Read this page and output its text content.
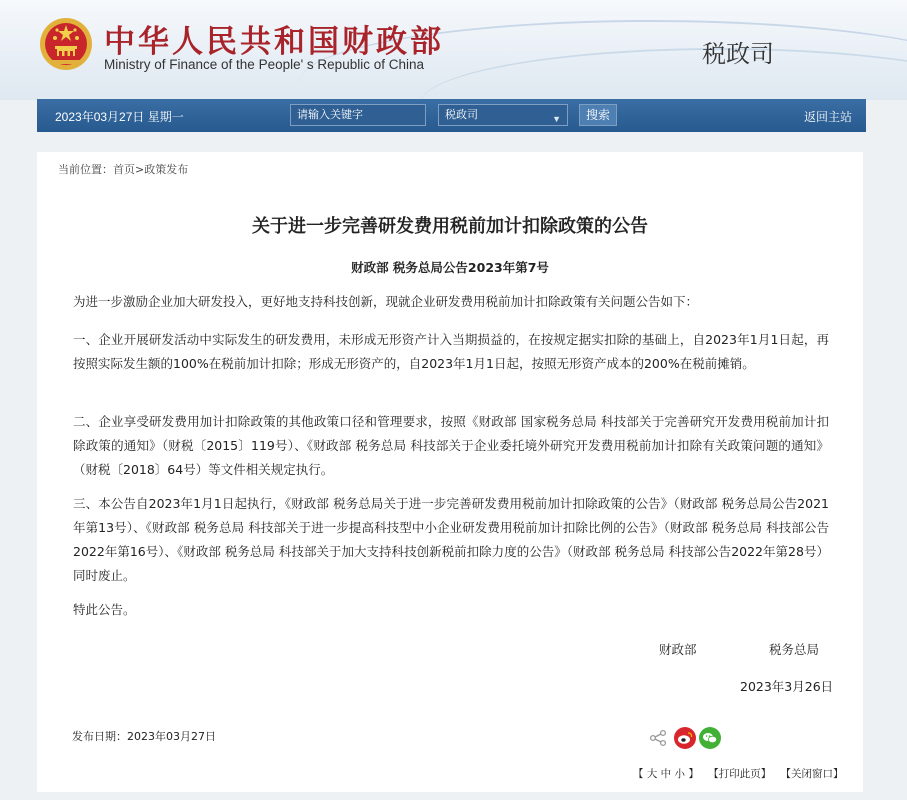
中华人民共和国财政部
Ministry of Finance of the People' s Republic of China	税政司
2023年03月27日 星期一	请输入关键字	税政司	▼	搜索	返回主站
当前位置：首页>政策发布
关于进一步完善研发费用税前加计扣除政策的公告
财政部 税务总局公告2023年第7号
为进一步激励企业加大研发投入，更好地支持科技创新，现就企业研发费用税前加计扣除政策有关问题公告如下：
一、企业开展研发活动中实际发生的研发费用，未形成无形资产计入当期损益的，在按规定据实扣除的基础上，自2023年1月1日起，再按照实际发生额的100%在税前加计扣除；形成无形资产的，自2023年1月1日起，按照无形资产成本的200%在税前摊销。
二、企业享受研发费用加计扣除政策的其他政策口径和管理要求，按照《财政部 国家税务总局 科技部关于完善研究开发费用税前加计扣除政策的通知》（财税〔2015〕119号）、《财政部 税务总局 科技部关于企业委托境外研究开发费用税前加计扣除有关政策问题的通知》（财税〔2018〕64号）等文件相关规定执行。
三、本公告自2023年1月1日起执行，《财政部 税务总局关于进一步完善研发费用税前加计扣除政策的公告》（财政部 税务总局公告2021年第13号）、《财政部 税务总局 科技部关于进一步提高科技型中小企业研发费用税前加计扣除比例的公告》（财政部 税务总局 科技部公告2022年第16号）、《财政部 税务总局 科技部关于加大支持科技创新税前扣除力度的公告》（财政部 税务总局 科技部公告2022年第28号）同时废止。
特此公告。
财政部	税务总局
2023年3月26日
发布日期：2023年03月27日
【 大 中 小 】 【打印此页】 【关闭窗口】
